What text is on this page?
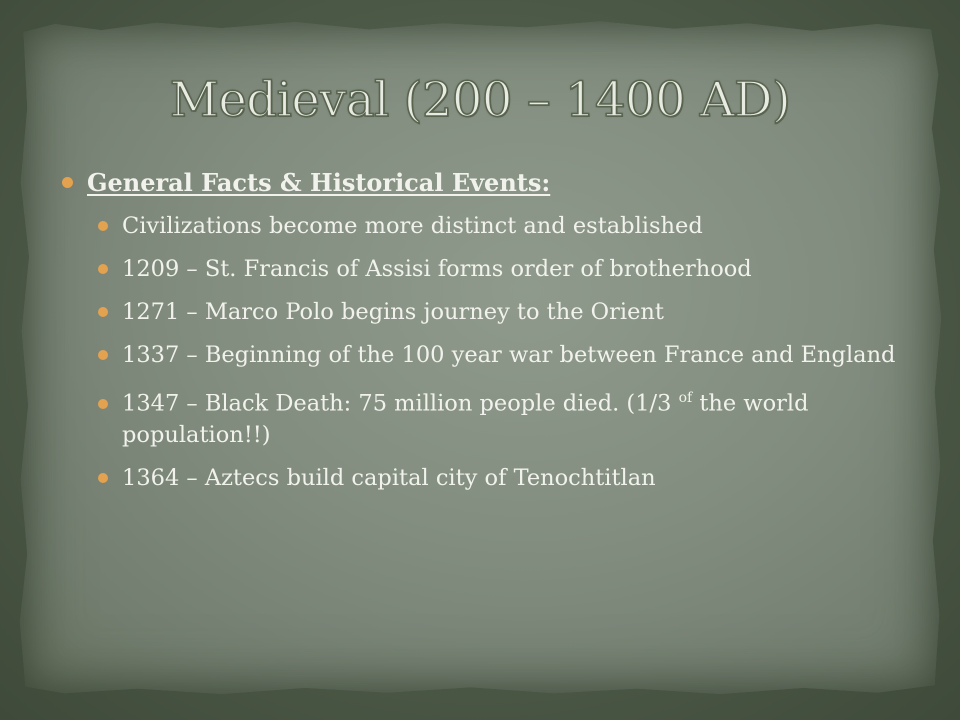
Medieval (200 – 1400 AD)
General Facts & Historical Events:
Civilizations become more distinct and established
1209 – St. Francis of Assisi forms order of brotherhood
1271 – Marco Polo begins journey to the Orient
1337 – Beginning of the 100 year war between France and England
1347 – Black Death: 75 million people died. (1/3 $^{of}$ the world population!!)
1364 – Aztecs build capital city of Tenochtitlan
